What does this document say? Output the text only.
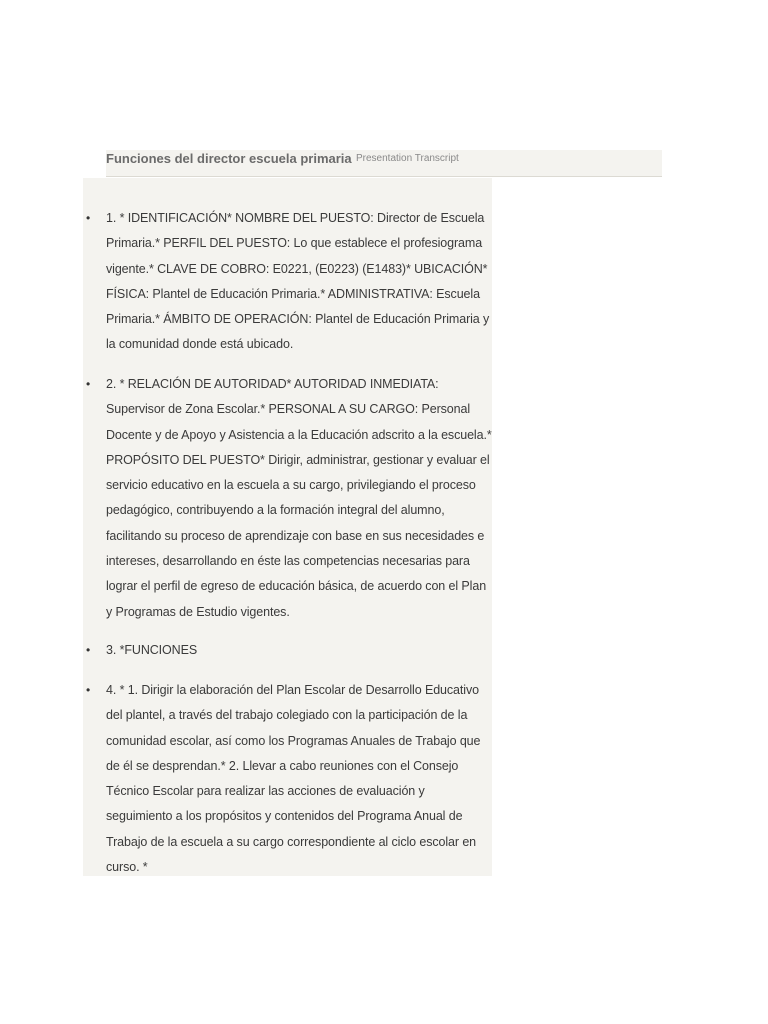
Funciones del director escuela primaria Presentation Transcript
• 1. * IDENTIFICACIÓN* NOMBRE DEL PUESTO: Director de Escuela Primaria.* PERFIL DEL PUESTO: Lo que establece el profesiograma vigente.* CLAVE DE COBRO: E0221, (E0223) (E1483)* UBICACIÓN* FÍSICA: Plantel de Educación Primaria.* ADMINISTRATIVA: Escuela Primaria.* ÁMBITO DE OPERACIÓN: Plantel de Educación Primaria y la comunidad donde está ubicado.
• 2. * RELACIÓN DE AUTORIDAD* AUTORIDAD INMEDIATA: Supervisor de Zona Escolar.* PERSONAL A SU CARGO: Personal Docente y de Apoyo y Asistencia a la Educación adscrito a la escuela.* PROPÓSITO DEL PUESTO* Dirigir, administrar, gestionar y evaluar el servicio educativo en la escuela a su cargo, privilegiando el proceso pedagógico, contribuyendo a la formación integral del alumno, facilitando su proceso de aprendizaje con base en sus necesidades e intereses, desarrollando en éste las competencias necesarias para lograr el perfil de egreso de educación básica, de acuerdo con el Plan y Programas de Estudio vigentes.
• 3. *FUNCIONES
• 4. * 1. Dirigir la elaboración del Plan Escolar de Desarrollo Educativo del plantel, a través del trabajo colegiado con la participación de la comunidad escolar, así como los Programas Anuales de Trabajo que de él se desprendan.* 2. Llevar a cabo reuniones con el Consejo Técnico Escolar para realizar las acciones de evaluación y seguimiento a los propósitos y contenidos del Programa Anual de Trabajo de la escuela a su cargo correspondiente al ciclo escolar en curso. *
